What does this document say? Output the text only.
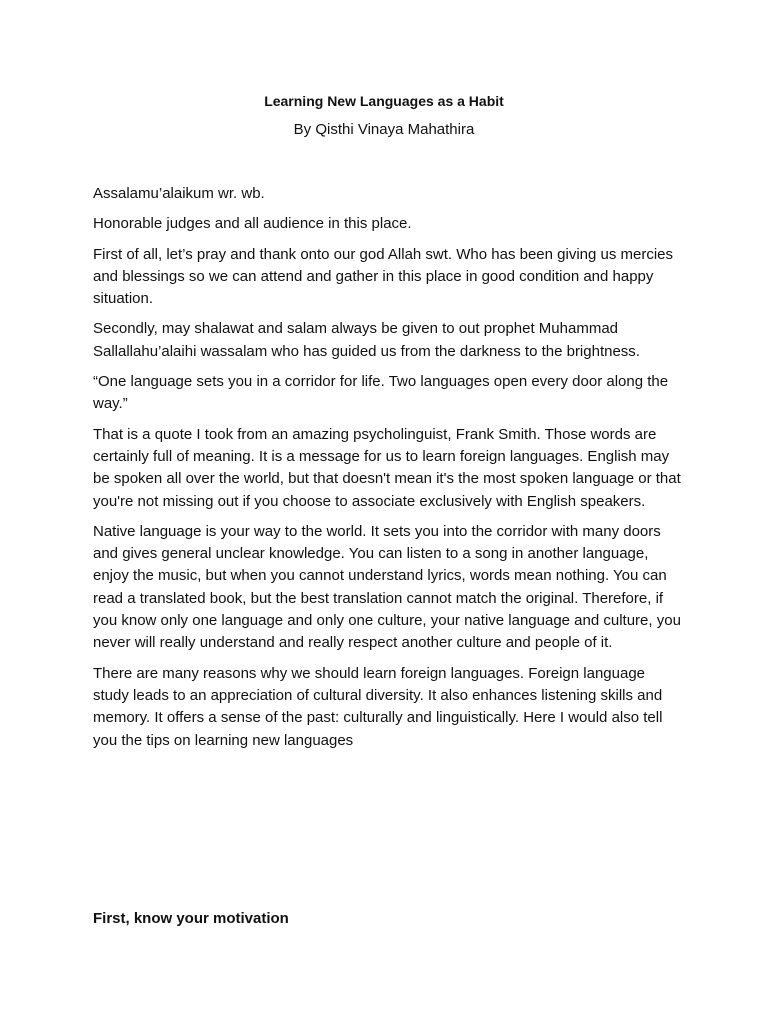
Learning New Languages as a Habit
By Qisthi Vinaya Mahathira

Assalamu’alaikum wr. wb.

Honorable judges and all audience in this place.

First of all, let’s pray and thank onto our god Allah swt. Who has been giving us mercies and blessings so we can attend and gather in this place in good condition and happy situation.

Secondly, may shalawat and salam always be given to out prophet Muhammad Sallallahu’alaihi wassalam who has guided us from the darkness to the brightness.

“One language sets you in a corridor for life. Two languages open every door along the way.”

That is a quote I took from an amazing psycholinguist, Frank Smith. Those words are certainly full of meaning. It is a message for us to learn foreign languages. English may be spoken all over the world, but that doesn't mean it's the most spoken language or that you're not missing out if you choose to associate exclusively with English speakers.

Native language is your way to the world. It sets you into the corridor with many doors and gives general unclear knowledge. You can listen to a song in another language, enjoy the music, but when you cannot understand lyrics, words mean nothing. You can read a translated book, but the best translation cannot match the original. Therefore, if you know only one language and only one culture, your native language and culture, you never will really understand and really respect another culture and people of it.

There are many reasons why we should learn foreign languages. Foreign language study leads to an appreciation of cultural diversity. It also enhances listening skills and memory. It offers a sense of the past: culturally and linguistically. Here I would also tell you the tips on learning new languages

First, know your motivation
